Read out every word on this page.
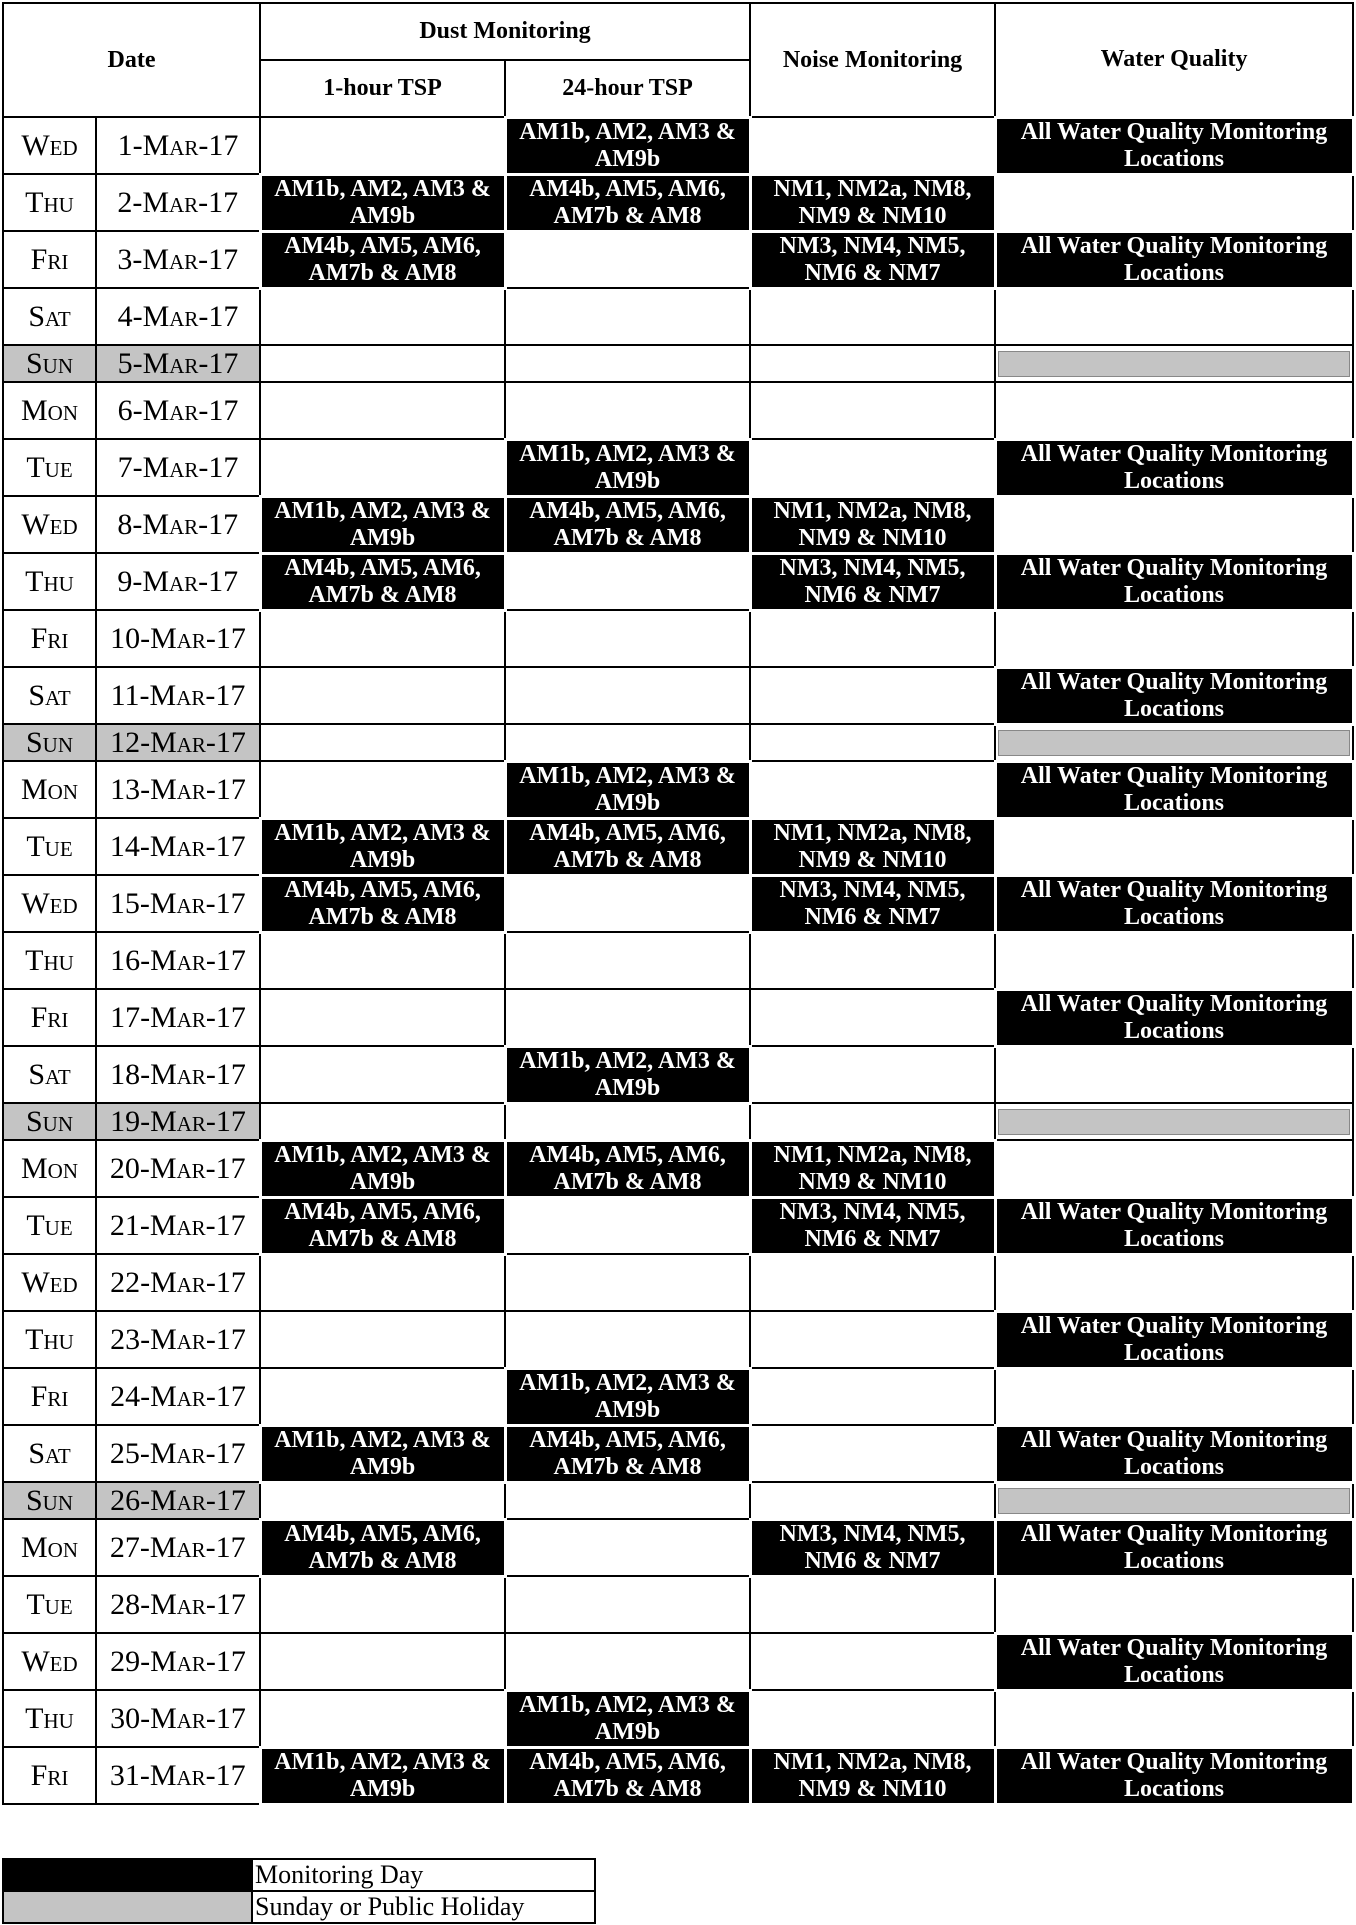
Date		Dust Monitoring		Noise Monitoring	Water Quality
		1-hour TSP	24-hour TSP		
Wed	1-Mar-17		AM1b, AM2, AM3 & AM9b		All Water Quality Monitoring Locations
Thu	2-Mar-17	AM1b, AM2, AM3 & AM9b	AM4b, AM5, AM6, AM7b & AM8	NM1, NM2a, NM8, NM9 & NM10	
Fri	3-Mar-17	AM4b, AM5, AM6, AM7b & AM8		NM3, NM4, NM5, NM6 & NM7	All Water Quality Monitoring Locations
Sat	4-Mar-17				
Sun	5-Mar-17				

Mon	6-Mar-17				
Tue	7-Mar-17		AM1b, AM2, AM3 & AM9b		All Water Quality Monitoring Locations
Wed	8-Mar-17	AM1b, AM2, AM3 & AM9b	AM4b, AM5, AM6, AM7b & AM8	NM1, NM2a, NM8, NM9 & NM10	
Thu	9-Mar-17	AM4b, AM5, AM6, AM7b & AM8		NM3, NM4, NM5, NM6 & NM7	All Water Quality Monitoring Locations
Fri	10-Mar-17				
Sat	11-Mar-17				All Water Quality Monitoring Locations
Sun	12-Mar-17				

Mon	13-Mar-17		AM1b, AM2, AM3 & AM9b		All Water Quality Monitoring Locations
Tue	14-Mar-17	AM1b, AM2, AM3 & AM9b	AM4b, AM5, AM6, AM7b & AM8	NM1, NM2a, NM8, NM9 & NM10	
Wed	15-Mar-17	AM4b, AM5, AM6, AM7b & AM8		NM3, NM4, NM5, NM6 & NM7	All Water Quality Monitoring Locations
Thu	16-Mar-17				
Fri	17-Mar-17				All Water Quality Monitoring Locations
Sat	18-Mar-17		AM1b, AM2, AM3 & AM9b		
Sun	19-Mar-17				

Mon	20-Mar-17	AM1b, AM2, AM3 & AM9b	AM4b, AM5, AM6, AM7b & AM8	NM1, NM2a, NM8, NM9 & NM10	
Tue	21-Mar-17	AM4b, AM5, AM6, AM7b & AM8		NM3, NM4, NM5, NM6 & NM7	All Water Quality Monitoring Locations
Wed	22-Mar-17				
Thu	23-Mar-17				All Water Quality Monitoring Locations
Fri	24-Mar-17		AM1b, AM2, AM3 & AM9b		
Sat	25-Mar-17	AM1b, AM2, AM3 & AM9b	AM4b, AM5, AM6, AM7b & AM8		All Water Quality Monitoring Locations
Sun	26-Mar-17				

Mon	27-Mar-17	AM4b, AM5, AM6, AM7b & AM8		NM3, NM4, NM5, NM6 & NM7	All Water Quality Monitoring Locations
Tue	28-Mar-17				
Wed	29-Mar-17				All Water Quality Monitoring Locations
Thu	30-Mar-17		AM1b, AM2, AM3 & AM9b		
Fri	31-Mar-17	AM1b, AM2, AM3 & AM9b	AM4b, AM5, AM6, AM7b & AM8	NM1, NM2a, NM8, NM9 & NM10	All Water Quality Monitoring Locations
	Monitoring Day
	Sunday or Public Holiday
